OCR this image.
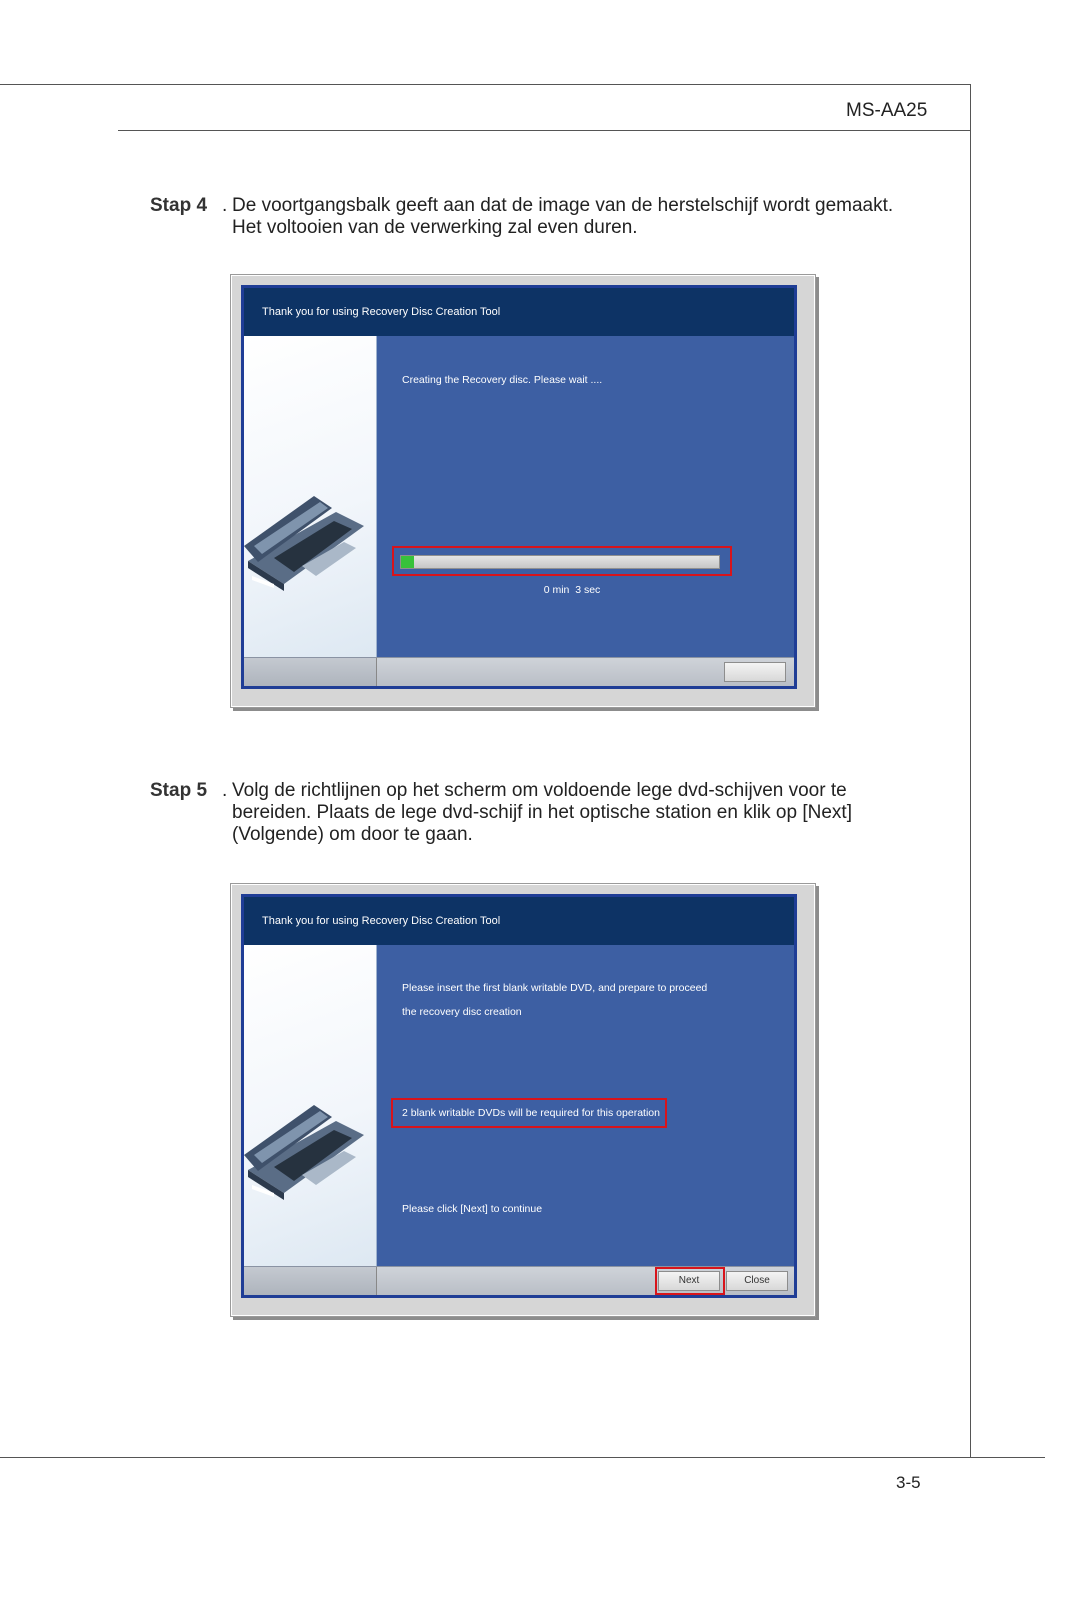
MS-AA25
3-5
Stap 4 . De voortgangsbalk geeft aan dat de image van de herstelschijf wordt gemaakt. Het voltooien van de verwerking zal even duren.
Thank you for using Recovery Disc Creation Tool
Creating the Recovery disc. Please wait ....
0 min  3 sec
Stap 5 . Volg de richtlijnen op het scherm om voldoende lege dvd-schijven voor te bereiden. Plaats de lege dvd-schijf in het optische station en klik op [Next] (Volgende) om door te gaan.
Thank you for using Recovery Disc Creation Tool
Please insert the first blank writable DVD, and prepare to proceed
the recovery disc creation
2 blank writable DVDs will be required for this operation
Please click [Next] to continue
Next	Close
